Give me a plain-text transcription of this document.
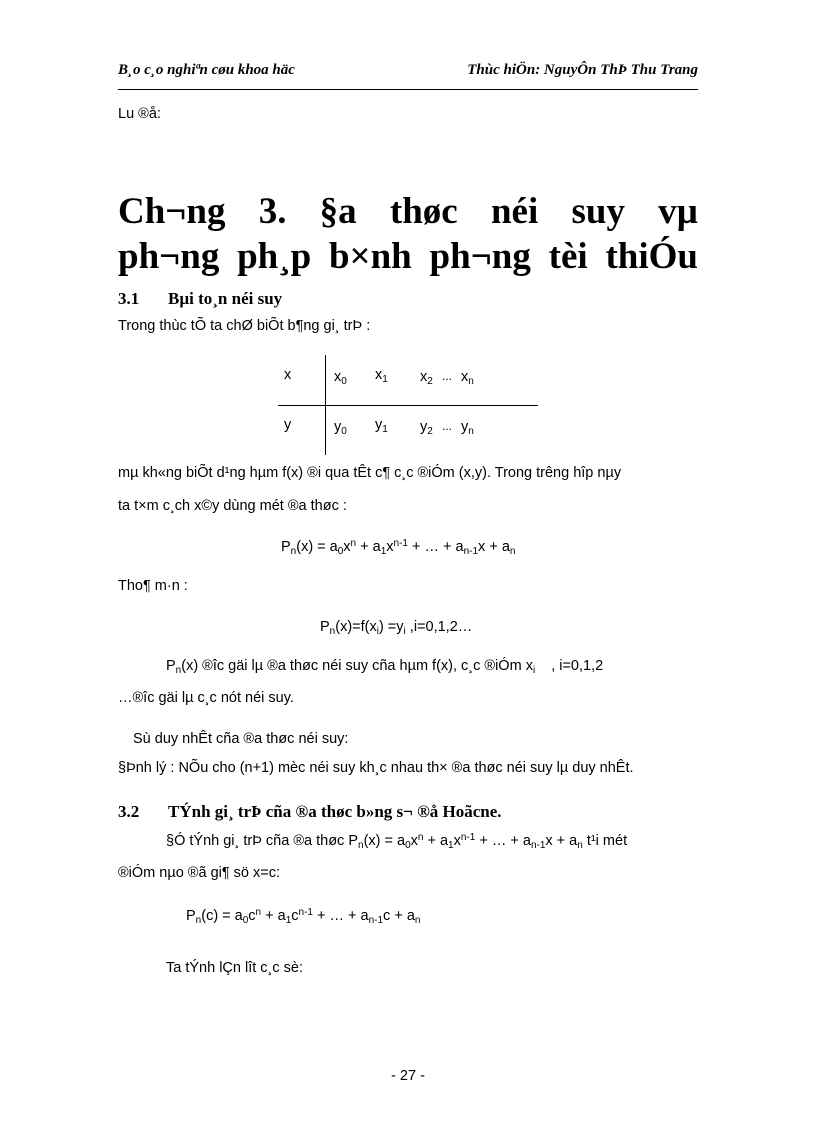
B¸o c¸o nghiªn cøu khoa häc	Thùc hiÖn: NguyÔn ThÞ Thu Trang
Lu ®å:
Ch¬ng 3. §a thøc néi suy vµ
ph¬ng ph¸p b×nh ph¬ng tèi thiÓu
3.1 Bµi to¸n néi suy
Trong thùc tÕ ta chØ biÕt b¶ng gi¸ trÞ :
x	$x_0$ $x_1$ $x_2$ ... $x_n$
y	$y_0$ $y_1$ $y_2$ ... $y_n$
mµ kh«ng biÕt d¹ng hµm f(x) ®i qua tÊt c¶ c¸c ®iÓm (x,y). Trong trêng hîp nµy
ta t×m c¸ch x©y dùng mét ®a thøc :
$P_n(x) = a_0x^n + a_1x^{n-1}$ + … + $a_{n-1}x + a_n$
Tho¶ m·n :
$P_n(x)=f(x_i) =y_i$ ,i=0,1,2…
$P_n(x)$ ®îc gäi lµ ®a thøc néi suy cña hµm f(x), c¸c ®iÓm $x_i$ , i=0,1,2
…®îc gäi lµ c¸c nót néi suy.
Sù duy nhÊt cña ®a thøc néi suy:
§Þnh lý : NÕu cho (n+1) mèc néi suy kh¸c nhau th× ®a thøc néi suy lµ duy nhÊt.
3.2 TÝnh gi¸ trÞ cña ®a thøc b»ng s¬ ®å Hoãcne.
§Ó tÝnh gi¸ trÞ cña ®a thøc $P_n(x) = a_0x^n + a_1x^{n-1}$ + … + $a_{n-1}x + a_n$ t¹i mét
®iÓm nµo ®ã gi¶ sö x=c:
$P_n(c) = a_0c^n + a_1c^{n-1}$ + … + $a_{n-1}c + a_n$
Ta tÝnh lÇn lît c¸c sè:
- 27 -
